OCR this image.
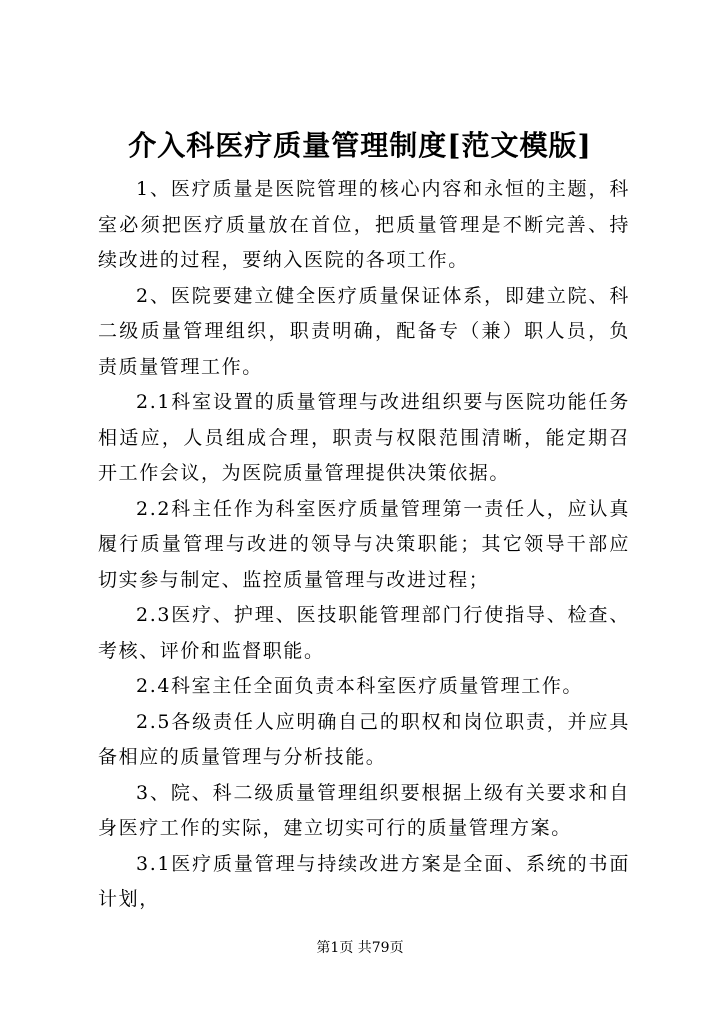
介入科医疗质量管理制度[范文模版]

1、医疗质量是医院管理的核心内容和永恒的主题，科室必须把医疗质量放在首位，把质量管理是不断完善、持续改进的过程，要纳入医院的各项工作。

2、医院要建立健全医疗质量保证体系，即建立院、科二级质量管理组织，职责明确，配备专（兼）职人员，负责质量管理工作。

2.1科室设置的质量管理与改进组织要与医院功能任务相适应，人员组成合理，职责与权限范围清晰，能定期召开工作会议，为医院质量管理提供决策依据。

2.2科主任作为科室医疗质量管理第一责任人，应认真履行质量管理与改进的领导与决策职能；其它领导干部应切实参与制定、监控质量管理与改进过程；

2.3医疗、护理、医技职能管理部门行使指导、检查、考核、评价和监督职能。

2.4科室主任全面负责本科室医疗质量管理工作。

2.5各级责任人应明确自己的职权和岗位职责，并应具备相应的质量管理与分析技能。

3、院、科二级质量管理组织要根据上级有关要求和自身医疗工作的实际，建立切实可行的质量管理方案。

3.1医疗质量管理与持续改进方案是全面、系统的书面计划，

第1页 共79页
